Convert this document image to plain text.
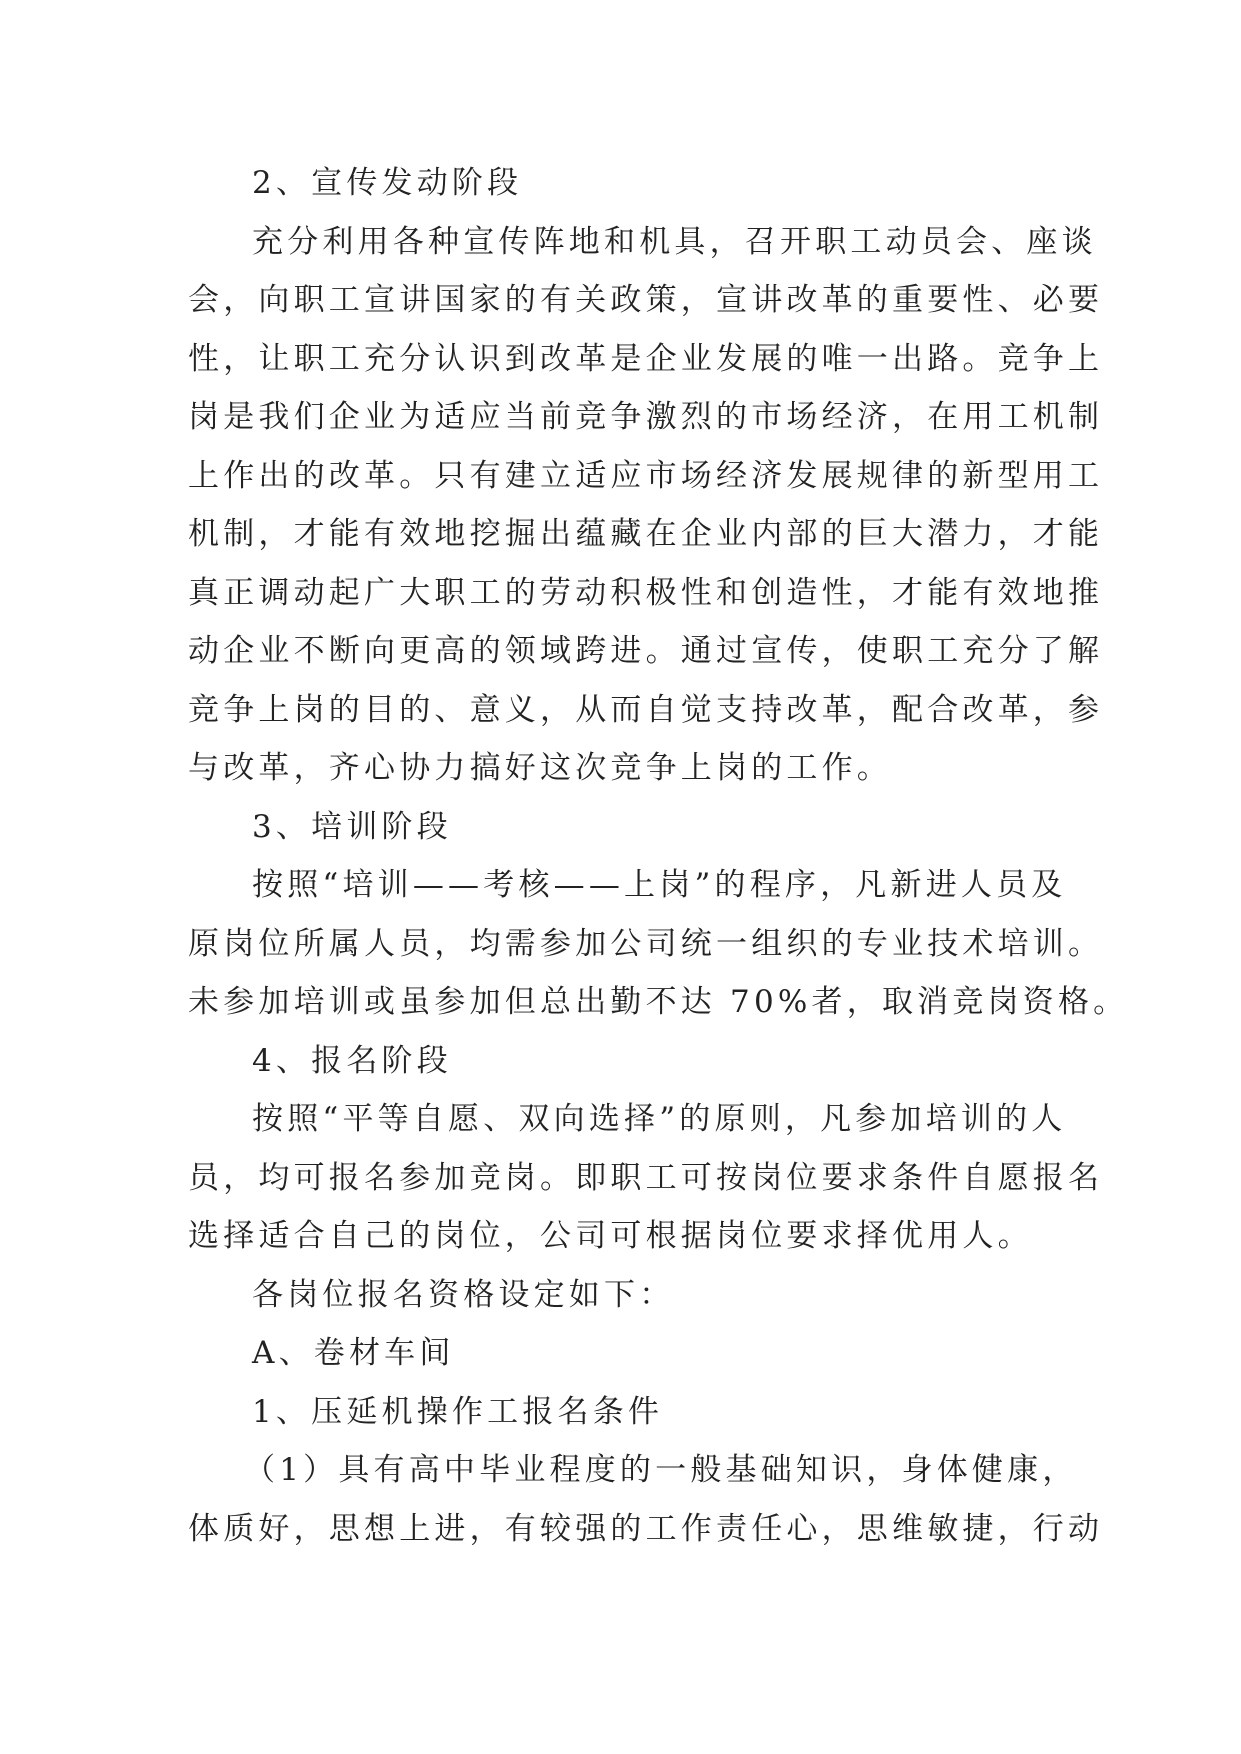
2、宣传发动阶段
充分利用各种宣传阵地和机具，召开职工动员会、座谈
会，向职工宣讲国家的有关政策，宣讲改革的重要性、必要
性，让职工充分认识到改革是企业发展的唯一出路。竞争上
岗是我们企业为适应当前竞争激烈的市场经济，在用工机制
上作出的改革。只有建立适应市场经济发展规律的新型用工
机制，才能有效地挖掘出蕴藏在企业内部的巨大潜力，才能
真正调动起广大职工的劳动积极性和创造性，才能有效地推
动企业不断向更高的领域跨进。通过宣传，使职工充分了解
竞争上岗的目的、意义，从而自觉支持改革，配合改革，参
与改革，齐心协力搞好这次竞争上岗的工作。
3、培训阶段
按照“培训——考核——上岗”的程序，凡新进人员及
原岗位所属人员，均需参加公司统一组织的专业技术培训。
未参加培训或虽参加但总出勤不达 70%者，取消竞岗资格。
4、报名阶段
按照“平等自愿、双向选择”的原则，凡参加培训的人
员，均可报名参加竞岗。即职工可按岗位要求条件自愿报名
选择适合自己的岗位，公司可根据岗位要求择优用人。
各岗位报名资格设定如下：
A、卷材车间
1、压延机操作工报名条件
（1）具有高中毕业程度的一般基础知识，身体健康，
体质好，思想上进，有较强的工作责任心，思维敏捷，行动
